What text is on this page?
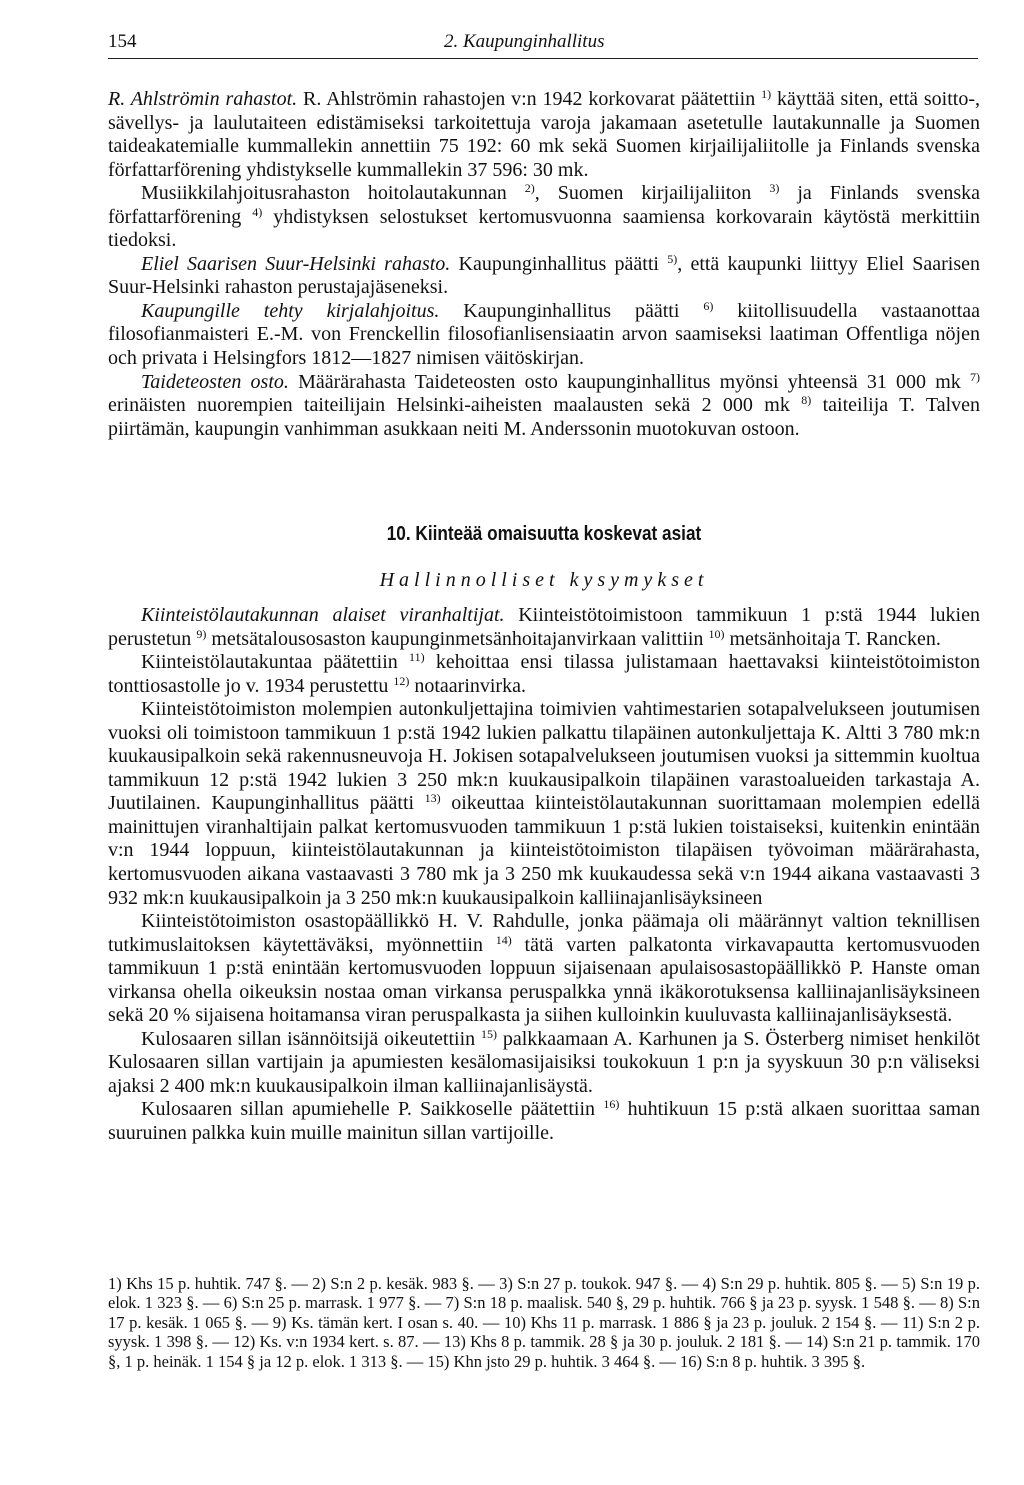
154	2. Kaupunginhallitus

R. Ahlströmin rahastot. R. Ahlströmin rahastojen v:n 1942 korkovarat päätettiin $^{1)}$ käyttää siten, että soitto-, sävellys- ja laulutaiteen edistämiseksi tarkoitettuja varoja jakamaan asetetulle lautakunnalle ja Suomen taideakatemialle kummallekin annettiin 75 192: 60 mk sekä Suomen kirjailijaliitolle ja Finlands svenska författarförening yhdistykselle kummallekin 37 596: 30 mk.

Musiikkilahjoitusrahaston hoitolautakunnan $^{2)}$, Suomen kirjailijaliiton $^{3)}$ ja Finlands svenska författarförening $^{4)}$ yhdistyksen selostukset kertomusvuonna saamiensa korkovarain käytöstä merkittiin tiedoksi.

Eliel Saarisen Suur-Helsinki rahasto. Kaupunginhallitus päätti $^{5)}$, että kaupunki liittyy Eliel Saarisen Suur-Helsinki rahaston perustajajäseneksi.

Kaupungille tehty kirjalahjoitus. Kaupunginhallitus päätti $^{6)}$ kiitollisuudella vastaanottaa filosofianmaisteri E.-M. von Frenckellin filosofianlisensiaatin arvon saamiseksi laatiman Offentliga nöjen och privata i Helsingfors 1812—1827 nimisen väitöskirjan.

Taideteosten osto. Määrärahasta Taideteosten osto kaupunginhallitus myönsi yhteensä 31 000 mk $^{7)}$ erinäisten nuorempien taiteilijain Helsinki-aiheisten maalausten sekä 2 000 mk $^{8)}$ taiteilija T. Talven piirtämän, kaupungin vanhimman asukkaan neiti M. Anderssonin muotokuvan ostoon.

10. Kiinteää omaisuutta koskevat asiat
Hallinnolliset kysymykset

Kiinteistölautakunnan alaiset viranhaltijat. Kiinteistötoimistoon tammikuun 1 p:stä 1944 lukien perustetun $^{9)}$ metsätalousosaston kaupunginmetsänhoitajanvirkaan valittiin $^{10)}$ metsänhoitaja T. Rancken.

Kiinteistölautakuntaa päätettiin $^{11)}$ kehoittaa ensi tilassa julistamaan haettavaksi kiinteistötoimiston tonttiosastolle jo v. 1934 perustettu $^{12)}$ notaarinvirka.

Kiinteistötoimiston molempien autonkuljettajina toimivien vahtimestarien sotapalvelukseen joutumisen vuoksi oli toimistoon tammikuun 1 p:stä 1942 lukien palkattu tilapäinen autonkuljettaja K. Altti 3 780 mk:n kuukausipalkoin sekä rakennusneuvoja H. Jokisen sotapalvelukseen joutumisen vuoksi ja sittemmin kuoltua tammikuun 12 p:stä 1942 lukien 3 250 mk:n kuukausipalkoin tilapäinen varastoalueiden tarkastaja A. Juutilainen. Kaupunginhallitus päätti $^{13)}$ oikeuttaa kiinteistölautakunnan suorittamaan molempien edellä mainittujen viranhaltijain palkat kertomusvuoden tammikuun 1 p:stä lukien toistaiseksi, kuitenkin enintään v:n 1944 loppuun, kiinteistölautakunnan ja kiinteistötoimiston tilapäisen työvoiman määrärahasta, kertomusvuoden aikana vastaavasti 3 780 mk ja 3 250 mk kuukaudessa sekä v:n 1944 aikana vastaavasti 3 932 mk:n kuukausipalkoin ja 3 250 mk:n kuukausipalkoin kalliinajanlisäyksineen

Kiinteistötoimiston osastopäällikkö H. V. Rahdulle, jonka päämaja oli määrännyt valtion teknillisen tutkimuslaitoksen käytettäväksi, myönnettiin $^{14)}$ tätä varten palkatonta virkavapautta kertomusvuoden tammikuun 1 p:stä enintään kertomusvuoden loppuun sijaisenaan apulaisosastopäällikkö P. Hanste oman virkansa ohella oikeuksin nostaa oman virkansa peruspalkka ynnä ikäkorotuksensa kalliinajanlisäyksineen sekä 20 % sijaisena hoitamansa viran peruspalkasta ja siihen kulloinkin kuuluvasta kalliinajanlisäyksestä.

Kulosaaren sillan isännöitsijä oikeutettiin $^{15)}$ palkkaamaan A. Karhunen ja S. Österberg nimiset henkilöt Kulosaaren sillan vartijain ja apumiesten kesälomasijaisiksi toukokuun 1 p:n ja syyskuun 30 p:n väliseksi ajaksi 2 400 mk:n kuukausipalkoin ilman kalliinajanlisäystä.

Kulosaaren sillan apumiehelle P. Saikkoselle päätettiin $^{16)}$ huhtikuun 15 p:stä alkaen suorittaa saman suuruinen palkka kuin muille mainitun sillan vartijoille.

1) Khs 15 p. huhtik. 747 §. — 2) S:n 2 p. kesäk. 983 §. — 3) S:n 27 p. toukok. 947 §. — 4) S:n 29 p. huhtik. 805 §. — 5) S:n 19 p. elok. 1 323 §. — 6) S:n 25 p. marrask. 1 977 §. — 7) S:n 18 p. maalisk. 540 §, 29 p. huhtik. 766 § ja 23 p. syysk. 1 548 §. — 8) S:n 17 p. kesäk. 1 065 §. — 9) Ks. tämän kert. I osan s. 40. — 10) Khs 11 p. marrask. 1 886 § ja 23 p. jouluk. 2 154 §. — 11) S:n 2 p. syysk. 1 398 §. — 12) Ks. v:n 1934 kert. s. 87. — 13) Khs 8 p. tammik. 28 § ja 30 p. jouluk. 2 181 §. — 14) S:n 21 p. tammik. 170 §, 1 p. heinäk. 1 154 § ja 12 p. elok. 1 313 §. — 15) Khn jsto 29 p. huhtik. 3 464 §. — 16) S:n 8 p. huhtik. 3 395 §.
